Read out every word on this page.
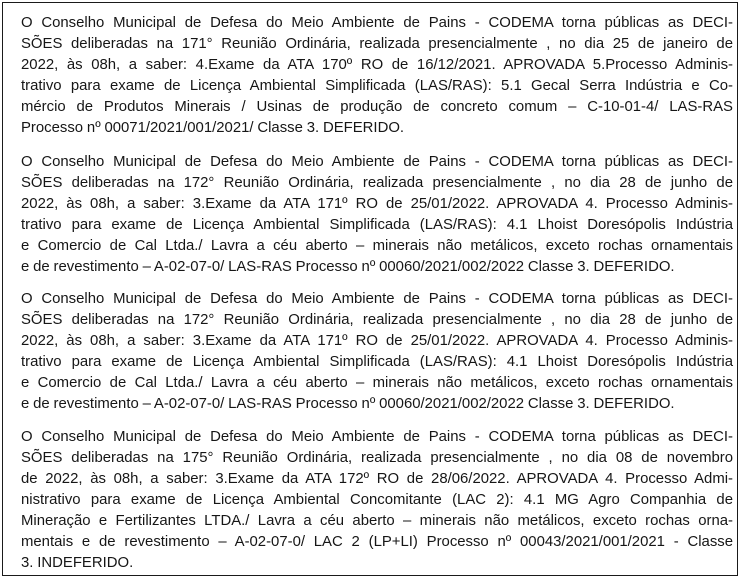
O Conselho Municipal de Defesa do Meio Ambiente de Pains - CODEMA torna públicas as DECI-
SÕES deliberadas na 171° Reunião Ordinária, realizada presencialmente , no dia 25 de janeiro de
2022, às 08h, a saber: 4.Exame da ATA 170º RO de 16/12/2021. APROVADA 5.Processo Adminis-
trativo para exame de Licença Ambiental Simplificada (LAS/RAS): 5.1 Gecal Serra Indústria e Co-
mércio de Produtos Minerais / Usinas de produção de concreto comum – C-10-01-4/ LAS-RAS
Processo nº 00071/2021/001/2021/ Classe 3. DEFERIDO.

O Conselho Municipal de Defesa do Meio Ambiente de Pains - CODEMA torna públicas as DECI-
SÕES deliberadas na 172° Reunião Ordinária, realizada presencialmente , no dia 28 de junho de
2022, às 08h, a saber: 3.Exame da ATA 171º RO de 25/01/2022. APROVADA 4. Processo Adminis-
trativo para exame de Licença Ambiental Simplificada (LAS/RAS): 4.1 Lhoist Doresópolis Indústria
e Comercio de Cal Ltda./ Lavra a céu aberto – minerais não metálicos, exceto rochas ornamentais
e de revestimento – A-02-07-0/ LAS-RAS Processo nº 00060/2021/002/2022 Classe 3. DEFERIDO.

O Conselho Municipal de Defesa do Meio Ambiente de Pains - CODEMA torna públicas as DECI-
SÕES deliberadas na 172° Reunião Ordinária, realizada presencialmente , no dia 28 de junho de
2022, às 08h, a saber: 3.Exame da ATA 171º RO de 25/01/2022. APROVADA 4. Processo Adminis-
trativo para exame de Licença Ambiental Simplificada (LAS/RAS): 4.1 Lhoist Doresópolis Indústria
e Comercio de Cal Ltda./ Lavra a céu aberto – minerais não metálicos, exceto rochas ornamentais
e de revestimento – A-02-07-0/ LAS-RAS Processo nº 00060/2021/002/2022 Classe 3. DEFERIDO.

O Conselho Municipal de Defesa do Meio Ambiente de Pains - CODEMA torna públicas as DECI-
SÕES deliberadas na 175° Reunião Ordinária, realizada presencialmente , no dia 08 de novembro
de 2022, às 08h, a saber: 3.Exame da ATA 172º RO de 28/06/2022. APROVADA 4. Processo Admi-
nistrativo para exame de Licença Ambiental Concomitante (LAC 2): 4.1 MG Agro Companhia de
Mineração e Fertilizantes LTDA./ Lavra a céu aberto – minerais não metálicos, exceto rochas orna-
mentais e de revestimento – A-02-07-0/ LAC 2 (LP+LI) Processo nº 00043/2021/001/2021 - Classe
3. INDEFERIDO.
